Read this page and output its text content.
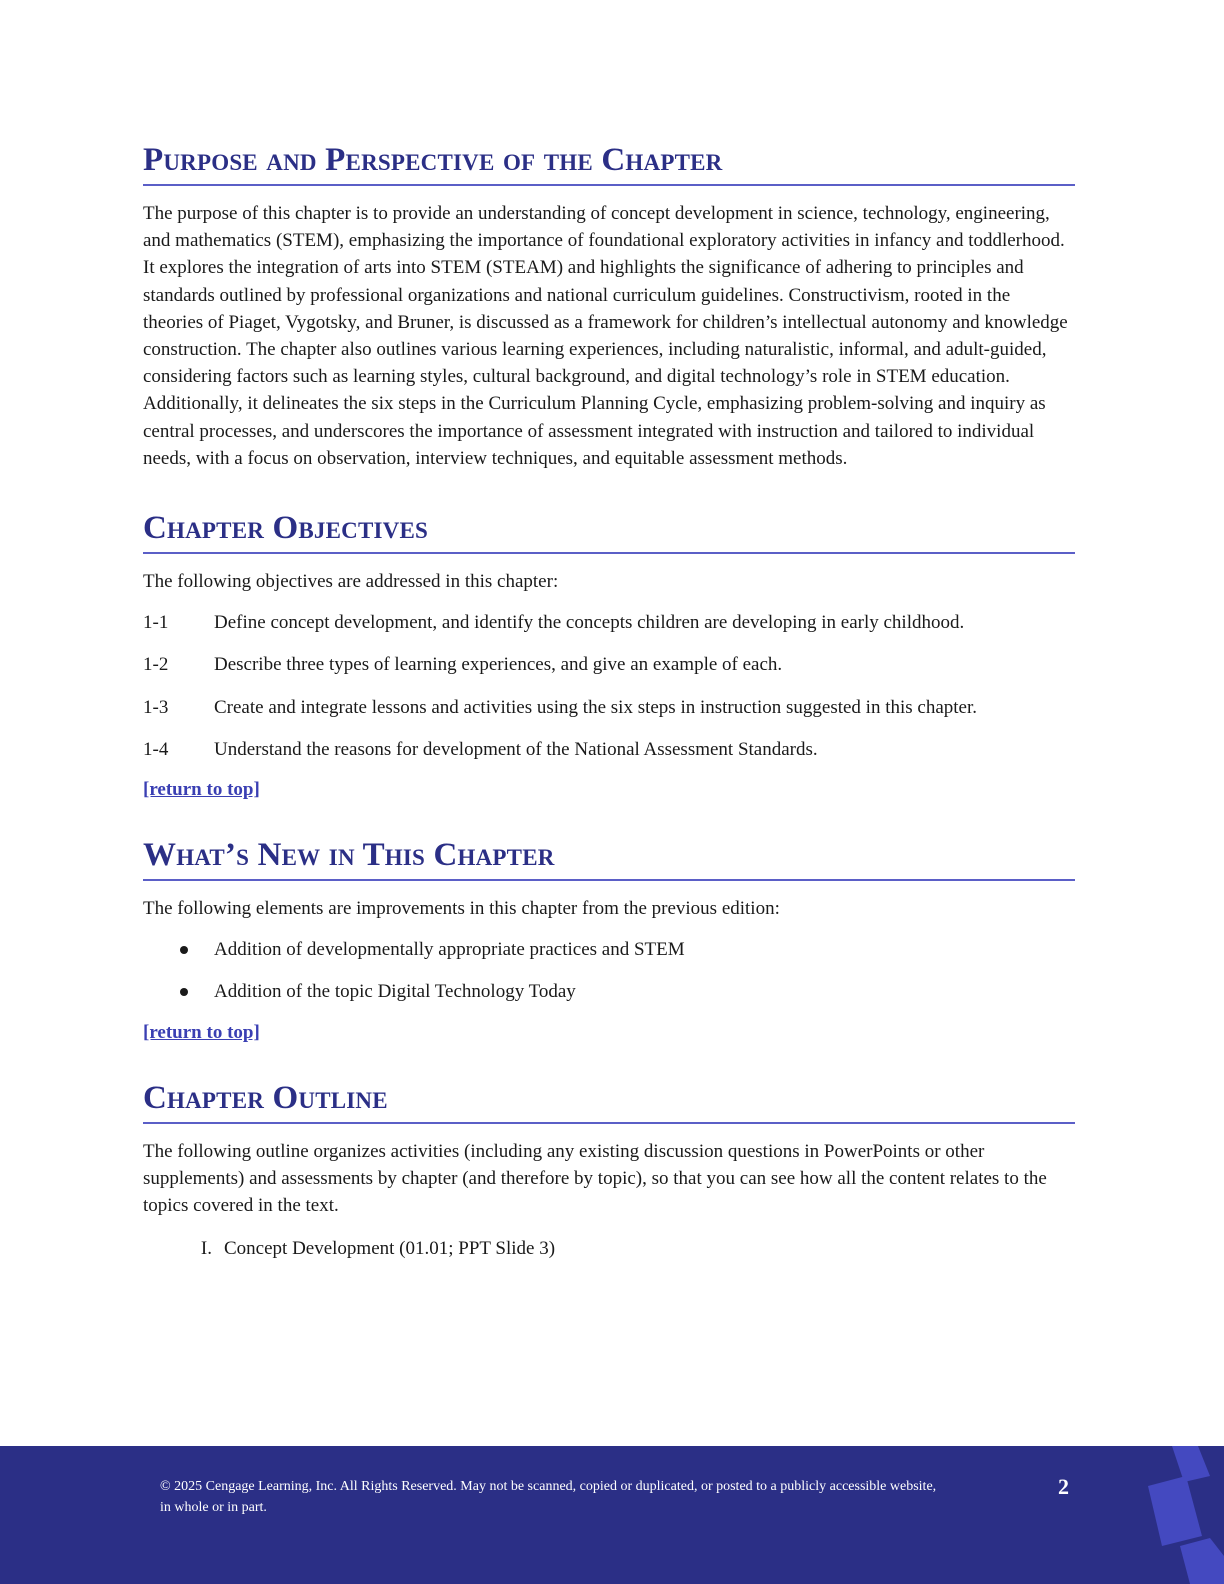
Purpose and Perspective of the Chapter

The purpose of this chapter is to provide an understanding of concept development in science, technology, engineering, and mathematics (STEM), emphasizing the importance of foundational exploratory activities in infancy and toddlerhood. It explores the integration of arts into STEM (STEAM) and highlights the significance of adhering to principles and standards outlined by professional organizations and national curriculum guidelines. Constructivism, rooted in the theories of Piaget, Vygotsky, and Bruner, is discussed as a framework for children’s intellectual autonomy and knowledge construction. The chapter also outlines various learning experiences, including naturalistic, informal, and adult-guided, considering factors such as learning styles, cultural background, and digital technology’s role in STEM education. Additionally, it delineates the six steps in the Curriculum Planning Cycle, emphasizing problem-solving and inquiry as central processes, and underscores the importance of assessment integrated with instruction and tailored to individual needs, with a focus on observation, interview techniques, and equitable assessment methods.

Chapter Objectives

The following objectives are addressed in this chapter:

1-1	Define concept development, and identify the concepts children are developing in early childhood.
1-2	Describe three types of learning experiences, and give an example of each.
1-3	Create and integrate lessons and activities using the six steps in instruction suggested in this chapter.
1-4	Understand the reasons for development of the National Assessment Standards.
[return to top]
What’s New in This Chapter

The following elements are improvements in this chapter from the previous edition:

Addition of developmentally appropriate practices and STEM
Addition of the topic Digital Technology Today
[return to top]
Chapter Outline

The following outline organizes activities (including any existing discussion questions in PowerPoints or other supplements) and assessments by chapter (and therefore by topic), so that you can see how all the content relates to the topics covered in the text.

I. Concept Development (01.01; PPT Slide 3)
© 2025 Cengage Learning, Inc. All Rights Reserved. May not be scanned, copied or duplicated, or posted to a publicly accessible website, in whole or in part.
2
